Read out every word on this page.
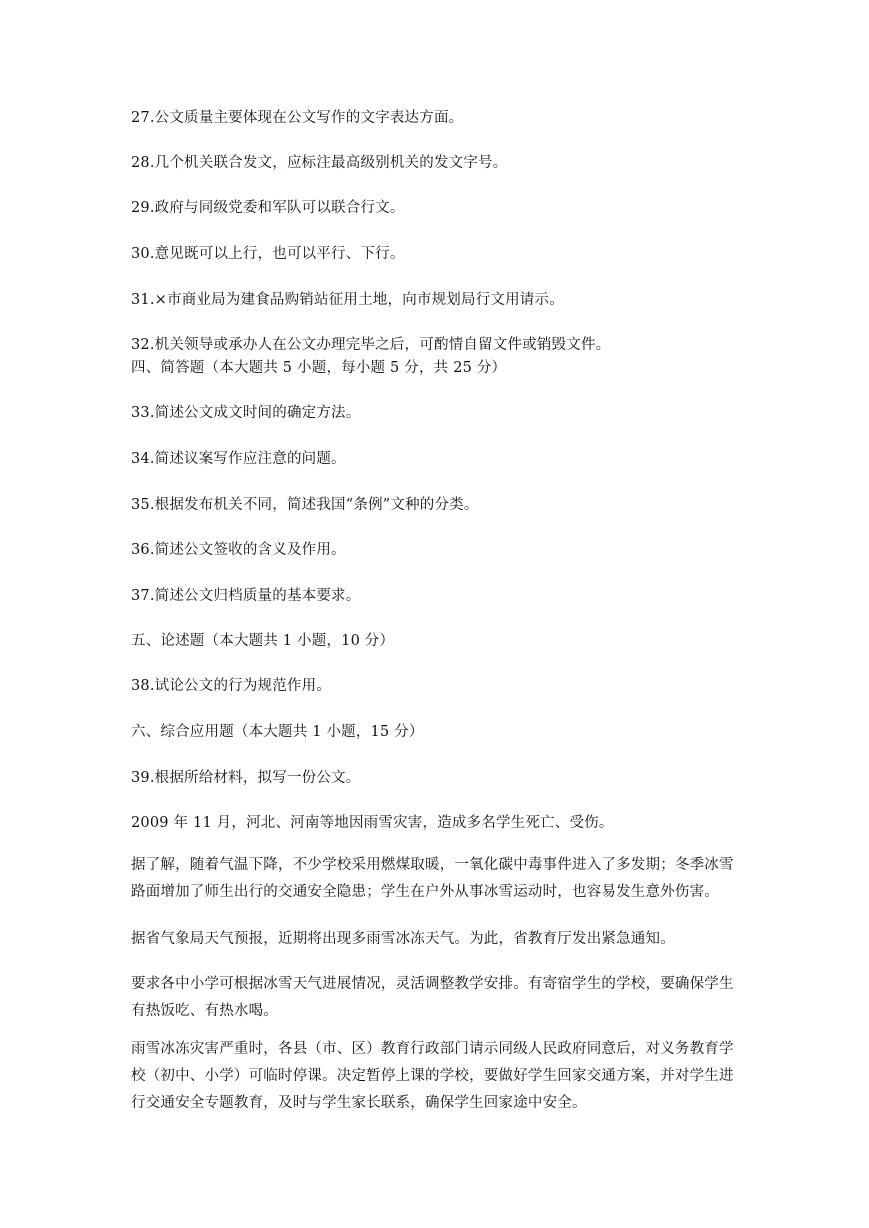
27.公文质量主要体现在公文写作的文字表达方面。
28.几个机关联合发文，应标注最高级别机关的发文字号。
29.政府与同级党委和军队可以联合行文。
30.意见既可以上行，也可以平行、下行。
31.×市商业局为建食品购销站征用土地，向市规划局行文用请示。
32.机关领导或承办人在公文办理完毕之后，可酌情自留文件或销毁文件。
四、简答题（本大题共 5 小题，每小题 5 分，共 25 分）
33.简述公文成文时间的确定方法。
34.简述议案写作应注意的问题。
35.根据发布机关不同，简述我国“条例”文种的分类。
36.简述公文签收的含义及作用。
37.简述公文归档质量的基本要求。
五、论述题（本大题共 1 小题，10 分）
38.试论公文的行为规范作用。
六、综合应用题（本大题共 1 小题，15 分）
39.根据所给材料，拟写一份公文。
2009 年 11 月，河北、河南等地因雨雪灾害，造成多名学生死亡、受伤。
据了解，随着气温下降，不少学校采用燃煤取暖，一氧化碳中毒事件进入了多发期；冬季冰雪路面增加了师生出行的交通安全隐患；学生在户外从事冰雪运动时，也容易发生意外伤害。
据省气象局天气预报，近期将出现多雨雪冰冻天气。为此，省教育厅发出紧急通知。
要求各中小学可根据冰雪天气进展情况，灵活调整教学安排。有寄宿学生的学校，要确保学生有热饭吃、有热水喝。
雨雪冰冻灾害严重时，各县（市、区）教育行政部门请示同级人民政府同意后，对义务教育学校（初中、小学）可临时停课。决定暂停上课的学校，要做好学生回家交通方案，并对学生进行交通安全专题教育，及时与学生家长联系，确保学生回家途中安全。
